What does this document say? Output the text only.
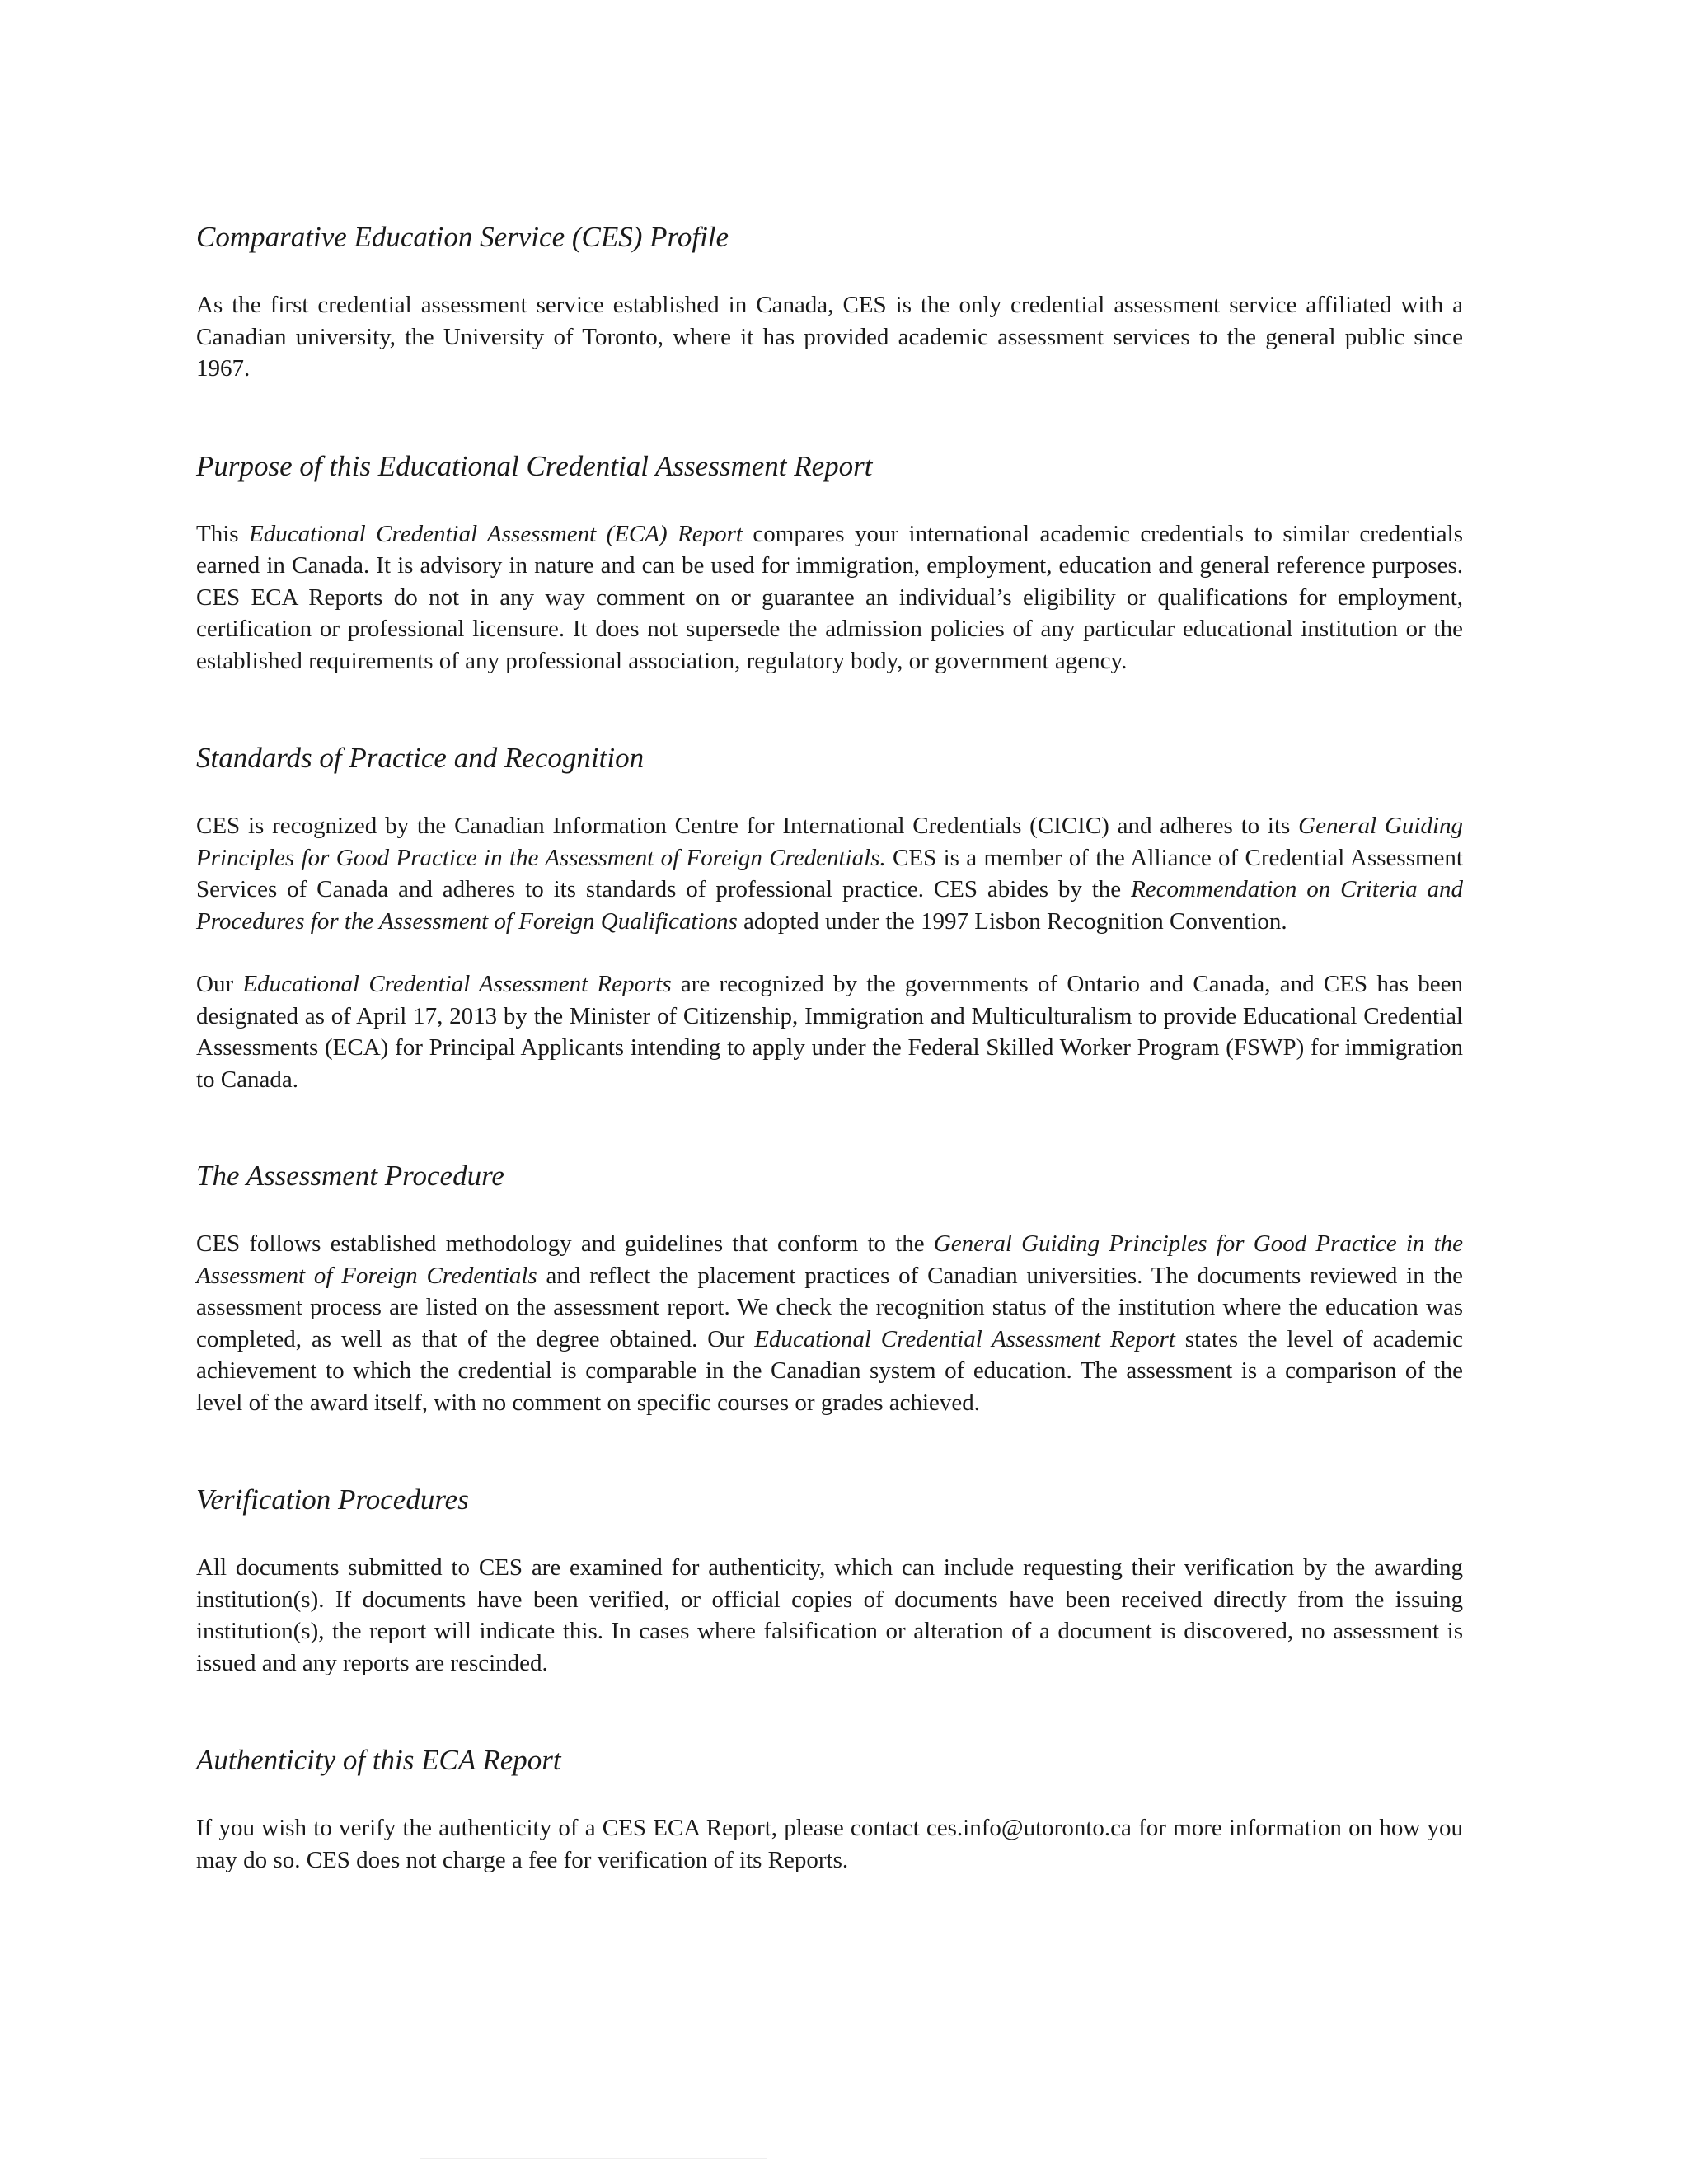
Comparative Education Service (CES) Profile

As the first credential assessment service established in Canada, CES is the only credential assessment service affiliated with a Canadian university, the University of Toronto, where it has provided academic assessment services to the general public since 1967.

Purpose of this Educational Credential Assessment Report

This Educational Credential Assessment (ECA) Report compares your international academic credentials to similar credentials earned in Canada. It is advisory in nature and can be used for immigration, employment, education and general reference purposes. CES ECA Reports do not in any way comment on or guarantee an individual’s eligibility or qualifications for employment, certification or professional licensure. It does not supersede the admission policies of any particular educational institution or the established requirements of any professional association, regulatory body, or government agency.

Standards of Practice and Recognition

CES is recognized by the Canadian Information Centre for International Credentials (CICIC) and adheres to its General Guiding Principles for Good Practice in the Assessment of Foreign Credentials. CES is a member of the Alliance of Credential Assessment Services of Canada and adheres to its standards of professional practice. CES abides by the Recommendation on Criteria and Procedures for the Assessment of Foreign Qualifications adopted under the 1997 Lisbon Recognition Convention.

Our Educational Credential Assessment Reports are recognized by the governments of Ontario and Canada, and CES has been designated as of April 17, 2013 by the Minister of Citizenship, Immigration and Multiculturalism to provide Educational Credential Assessments (ECA) for Principal Applicants intending to apply under the Federal Skilled Worker Program (FSWP) for immigration to Canada.

The Assessment Procedure

CES follows established methodology and guidelines that conform to the General Guiding Principles for Good Practice in the Assessment of Foreign Credentials and reflect the placement practices of Canadian universities. The documents reviewed in the assessment process are listed on the assessment report. We check the recognition status of the institution where the education was completed, as well as that of the degree obtained. Our Educational Credential Assessment Report states the level of academic achievement to which the credential is comparable in the Canadian system of education. The assessment is a comparison of the level of the award itself, with no comment on specific courses or grades achieved.

Verification Procedures

All documents submitted to CES are examined for authenticity, which can include requesting their verification by the awarding institution(s). If documents have been verified, or official copies of documents have been received directly from the issuing institution(s), the report will indicate this. In cases where falsification or alteration of a document is discovered, no assessment is issued and any reports are rescinded.

Authenticity of this ECA Report

If you wish to verify the authenticity of a CES ECA Report, please contact ces.info@utoronto.ca for more information on how you may do so. CES does not charge a fee for verification of its Reports.
